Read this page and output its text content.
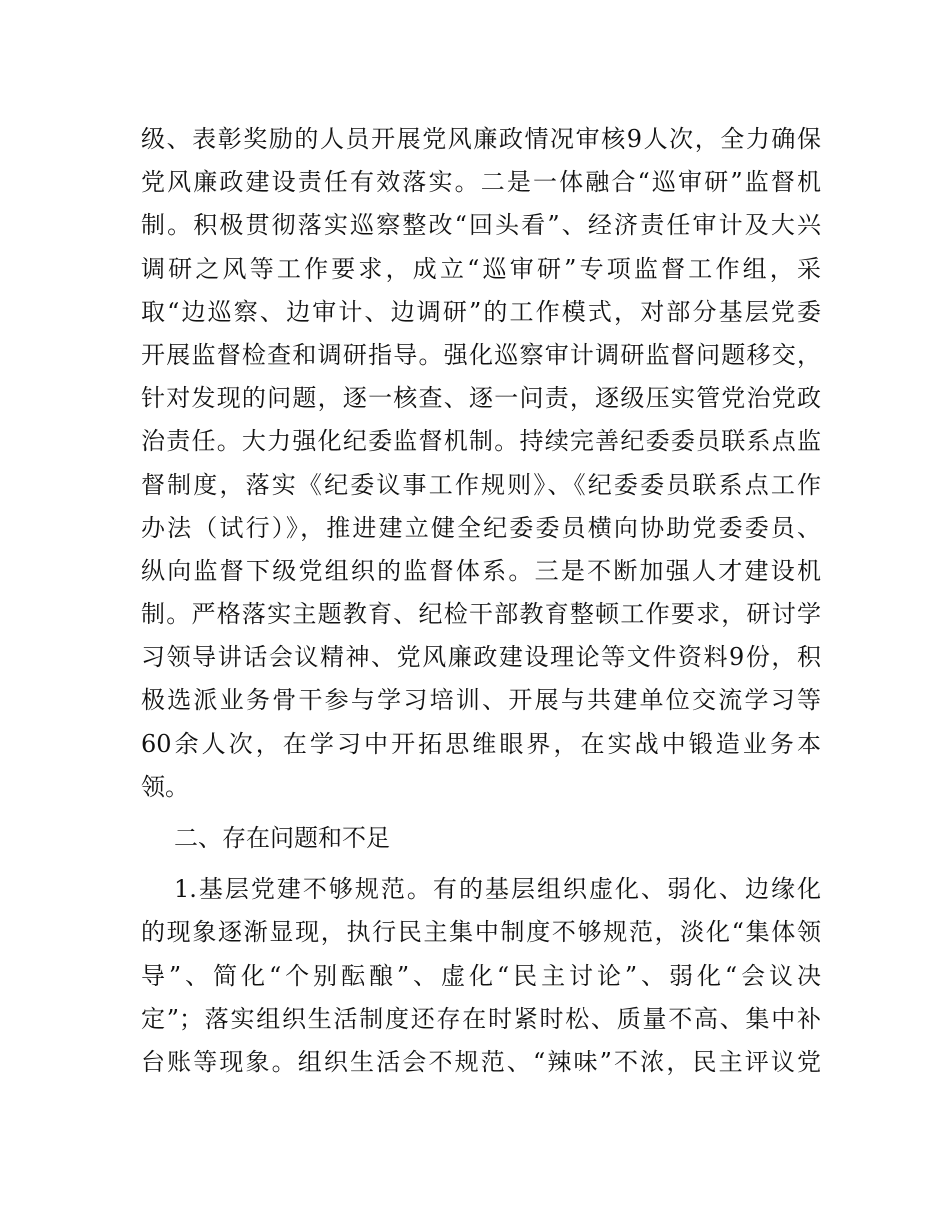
级、表彰奖励的人员开展党风廉政情况审核9人次，全力确保
党风廉政建设责任有效落实。二是一体融合“巡审研”监督机
制。积极贯彻落实巡察整改“回头看”、经济责任审计及大兴
调研之风等工作要求，成立“巡审研”专项监督工作组，采
取“边巡察、边审计、边调研”的工作模式，对部分基层党委
开展监督检查和调研指导。强化巡察审计调研监督问题移交，
针对发现的问题，逐一核查、逐一问责，逐级压实管党治党政
治责任。大力强化纪委监督机制。持续完善纪委委员联系点监
督制度，落实《纪委议事工作规则》、《纪委委员联系点工作
办法（试行）》，推进建立健全纪委委员横向协助党委委员、
纵向监督下级党组织的监督体系。三是不断加强人才建设机
制。严格落实主题教育、纪检干部教育整顿工作要求，研讨学
习领导讲话会议精神、党风廉政建设理论等文件资料9份，积
极选派业务骨干参与学习培训、开展与共建单位交流学习等
60余人次，在学习中开拓思维眼界，在实战中锻造业务本
领。
二、存在问题和不足
1.基层党建不够规范。有的基层组织虚化、弱化、边缘化
的现象逐渐显现，执行民主集中制度不够规范，淡化“集体领
导”、简化“个别酝酿”、虚化“民主讨论”、弱化“会议决
定”；落实组织生活制度还存在时紧时松、质量不高、集中补
台账等现象。组织生活会不规范、“辣味”不浓，民主评议党
